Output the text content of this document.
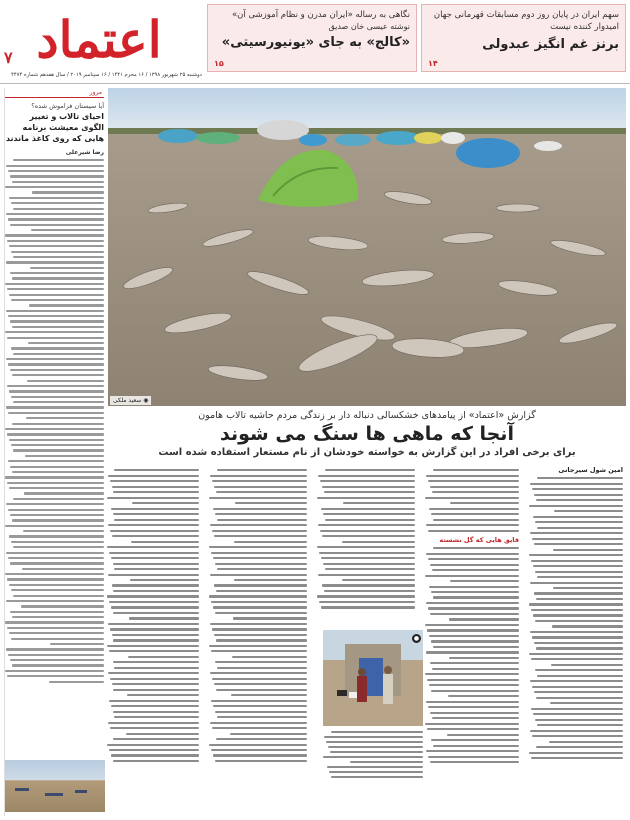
اعتماد
٧
دوشنبه ۲۵ شهریور ۱۳۹۸ / ۱۶ محرم ۱۴۴۱ / ۱۶ سپتامبر ۲۰۱۹ / سال هفدهم شماره ۴۴۷۴
سهم ایران در پایان روز دوم مسابقات قهرمانی جهان امیدوار کننده نیست
برنز غم انگیز عبدولی
۱۴
نگاهی به رساله «ایران مدرن و نظام آموزشی آن»
نوشته عیسی خان صدیق
«کالج» به جای «یونیورسیتی»
۱۵
مرور
آیا سیستان فراموش شده؟
احیای تالاب و تغییر الگوی معیشت برنامه هایی که روی کاغذ ماندند
رضا شیرعلی
◉ سعید ملکی
گزارش «اعتماد» از پیامدهای خشکسالی دنباله دار بر زندگی مردم حاشیه تالاب هامون
آنجا که ماهی ها سنگ می شوند
برای برخی افراد در این گزارش به خواسته خودشان از نام مستعار استفاده شده است
امین شول سیرجانی
قایق هایی که گل نشسته
●
